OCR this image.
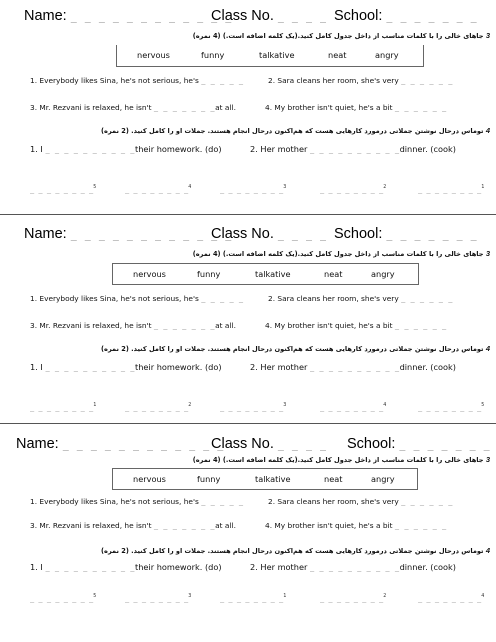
Name: _ _ _ _ _ _ _ _ _ _ _ _
Class No. _ _ _ _ School: _ _ _ _ _ _ _
3 جاهای خالی را با کلمات مناسب از داخل جدول کامل کنید.(یک کلمه اضافه است.) (4 نمره)
nervous	funny	talkative	neat	angry
1. Everybody likes Sina, he's not serious, he's _ _ _ _ _	2. Sara cleans her room, she's very _ _ _ _ _ _
3. Mr. Rezvani is relaxed, he isn't _ _ _ _ _ _ _at all.	4. My brother isn't quiet, he's a bit _ _ _ _ _ _
4 توماس درحال نوشتن جملاتی درمورد کارهایی هست که هم‌اکنون درحال انجام هستند. جملات او را کامل کنید. (2 نمره)
1. I _ _ _ _ _ _ _ _ _ _their homework. (do)	2. Her mother _ _ _ _ _ _ _ _ _ _dinner. (cook)
_ _ _ _ _ _ _ _$^5$	_ _ _ _ _ _ _ _$^4$	_ _ _ _ _ _ _ _$^3$	_ _ _ _ _ _ _ _$^2$	_ _ _ _ _ _ _ _$^1$
Name: _ _ _ _ _ _ _ _ _ _ _ _
Class No. _ _ _ _ School: _ _ _ _ _ _ _
3 جاهای خالی را با کلمات مناسب از داخل جدول کامل کنید.(یک کلمه اضافه است.) (4 نمره)
nervous	funny	talkative	neat	angry
1. Everybody likes Sina, he's not serious, he's _ _ _ _ _	2. Sara cleans her room, she's very _ _ _ _ _ _
3. Mr. Rezvani is relaxed, he isn't _ _ _ _ _ _ _at all.	4. My brother isn't quiet, he's a bit _ _ _ _ _ _
4 توماس درحال نوشتن جملاتی درمورد کارهایی هست که هم‌اکنون درحال انجام هستند. جملات او را کامل کنید. (2 نمره)
1. I _ _ _ _ _ _ _ _ _ _their homework. (do)	2. Her mother _ _ _ _ _ _ _ _ _ _dinner. (cook)
_ _ _ _ _ _ _ _$^1$	_ _ _ _ _ _ _ _$^2$	_ _ _ _ _ _ _ _$^3$	_ _ _ _ _ _ _ _$^4$	_ _ _ _ _ _ _ _$^5$
Name: _ _ _ _ _ _ _ _ _ _ _ _
Class No. _ _ _ _ School: _ _ _ _ _ _ _
3 جاهای خالی را با کلمات مناسب از داخل جدول کامل کنید.(یک کلمه اضافه است.) (4 نمره)
nervous	funny	talkative	neat	angry
1. Everybody likes Sina, he's not serious, he's _ _ _ _ _	2. Sara cleans her room, she's very _ _ _ _ _ _
3. Mr. Rezvani is relaxed, he isn't _ _ _ _ _ _ _at all.	4. My brother isn't quiet, he's a bit _ _ _ _ _ _
4 توماس درحال نوشتن جملاتی درمورد کارهایی هست که هم‌اکنون درحال انجام هستند. جملات او را کامل کنید. (2 نمره)
1. I _ _ _ _ _ _ _ _ _ _their homework. (do)	2. Her mother _ _ _ _ _ _ _ _ _ _dinner. (cook)
_ _ _ _ _ _ _ _$^5$	_ _ _ _ _ _ _ _$^3$	_ _ _ _ _ _ _ _$^1$	_ _ _ _ _ _ _ _$^2$	_ _ _ _ _ _ _ _$^4$
